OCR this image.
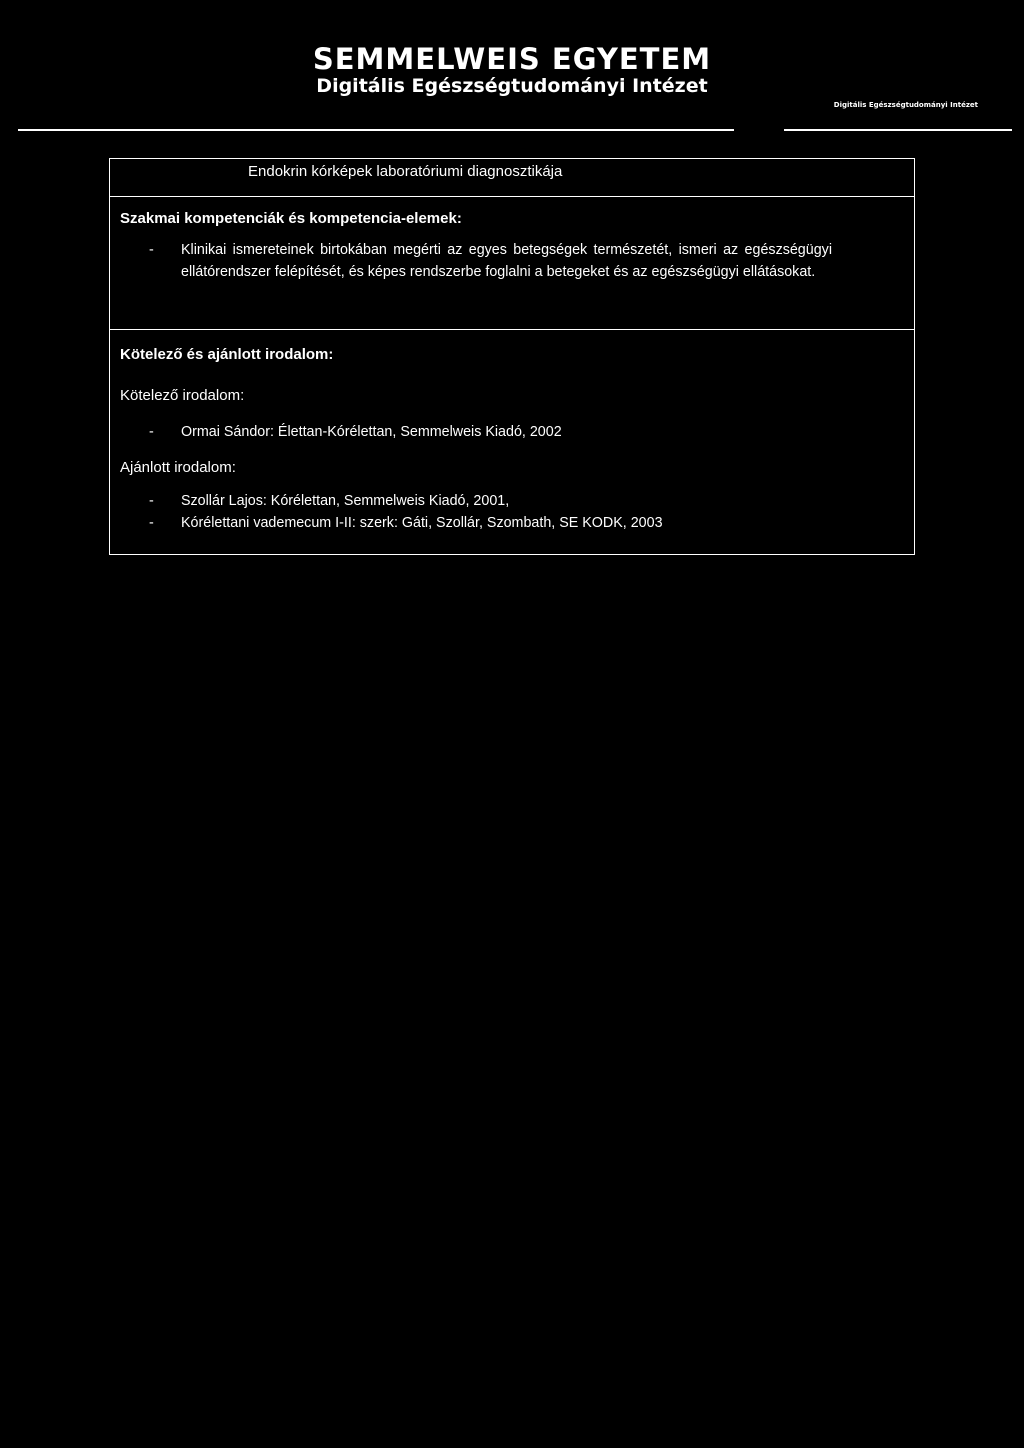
SEMMELWEIS EGYETEM
Digitális Egészségtudományi Intézet
Digitális Egészségtudományi Intézet
Endokrin kórképek laboratóriumi diagnosztikája
Szakmai kompetenciák és kompetencia-elemek:
- Klinikai ismereteinek birtokában megérti az egyes betegségek természetét, ismeri az egészségügyi ellátórendszer felépítését, és képes rendszerbe foglalni a betegeket és az egészségügyi ellátásokat.
Kötelező és ajánlott irodalom:
Kötelező irodalom:
- Ormai Sándor: Élettan-Kórélettan, Semmelweis Kiadó, 2002
Ajánlott irodalom:
- Szollár Lajos: Kórélettan, Semmelweis Kiadó, 2001,
- Kórélettani vademecum I-II: szerk: Gáti, Szollár, Szombath, SE KODK, 2003
